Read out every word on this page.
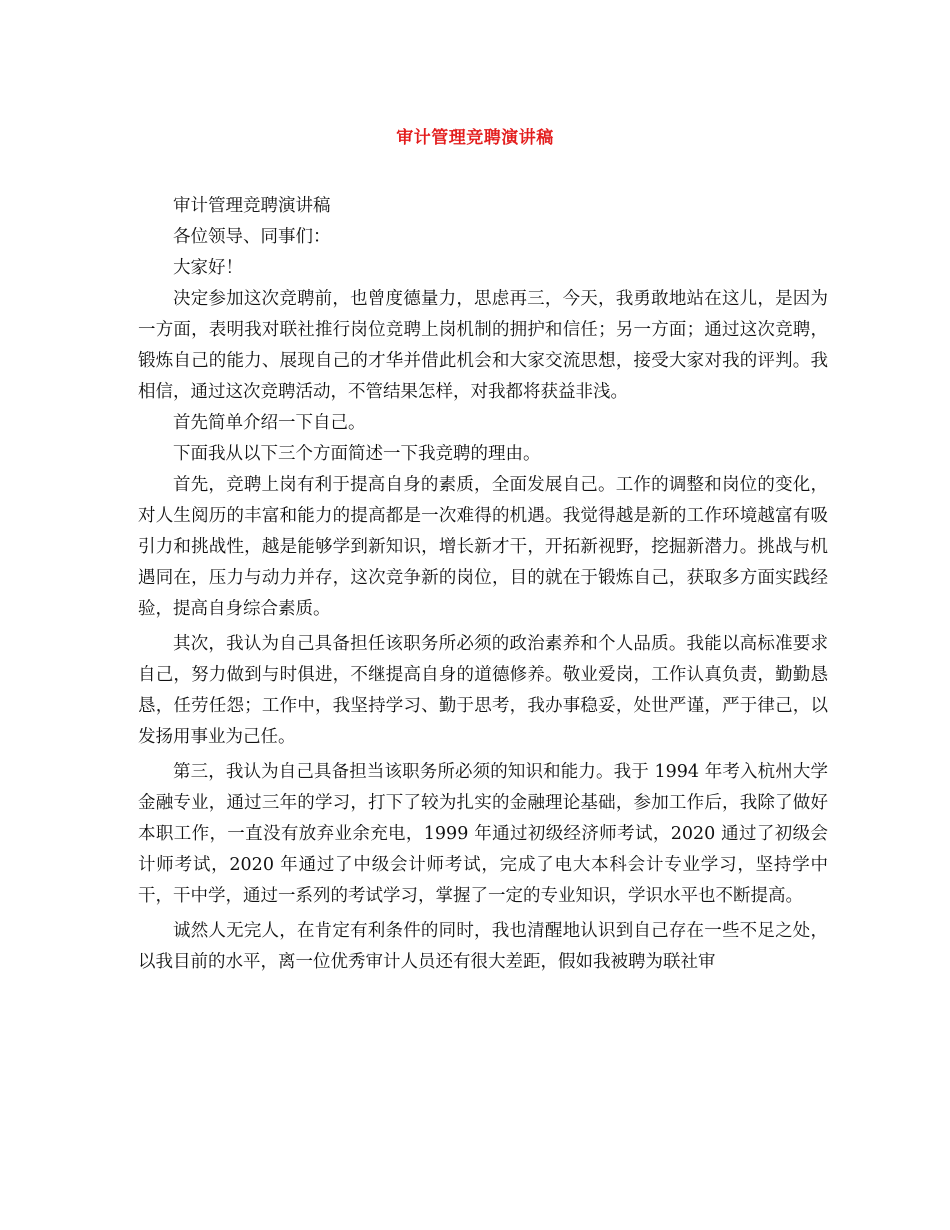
审计管理竞聘演讲稿

审计管理竞聘演讲稿

各位领导、同事们：

大家好！

决定参加这次竞聘前，也曾度德量力，思虑再三，今天，我勇敢地站在这儿，是因为一方面，表明我对联社推行岗位竞聘上岗机制的拥护和信任；另一方面；通过这次竞聘，锻炼自己的能力、展现自己的才华并借此机会和大家交流思想，接受大家对我的评判。我相信，通过这次竞聘活动，不管结果怎样，对我都将获益非浅。

首先简单介绍一下自己。

下面我从以下三个方面简述一下我竞聘的理由。

首先，竞聘上岗有利于提高自身的素质，全面发展自己。工作的调整和岗位的变化，对人生阅历的丰富和能力的提高都是一次难得的机遇。我觉得越是新的工作环境越富有吸引力和挑战性，越是能够学到新知识，增长新才干，开拓新视野，挖掘新潜力。挑战与机遇同在，压力与动力并存，这次竞争新的岗位，目的就在于锻炼自己，获取多方面实践经验，提高自身综合素质。

其次，我认为自己具备担任该职务所必须的政治素养和个人品质。我能以高标准要求自己，努力做到与时俱进，不继提高自身的道德修养。敬业爱岗，工作认真负责，勤勤恳恳，任劳任怨；工作中，我坚持学习、勤于思考，我办事稳妥，处世严谨，严于律己，以发扬用事业为己任。

第三，我认为自己具备担当该职务所必须的知识和能力。我于 1994 年考入杭州大学金融专业，通过三年的学习，打下了较为扎实的金融理论基础，参加工作后，我除了做好本职工作，一直没有放弃业余充电，1999 年通过初级经济师考试，2020 通过了初级会计师考试，2020 年通过了中级会计师考试，完成了电大本科会计专业学习，坚持学中干，干中学，通过一系列的考试学习，掌握了一定的专业知识，学识水平也不断提高。

诚然人无完人，在肯定有利条件的同时，我也清醒地认识到自己存在一些不足之处，以我目前的水平，离一位优秀审计人员还有很大差距，假如我被聘为联社审
